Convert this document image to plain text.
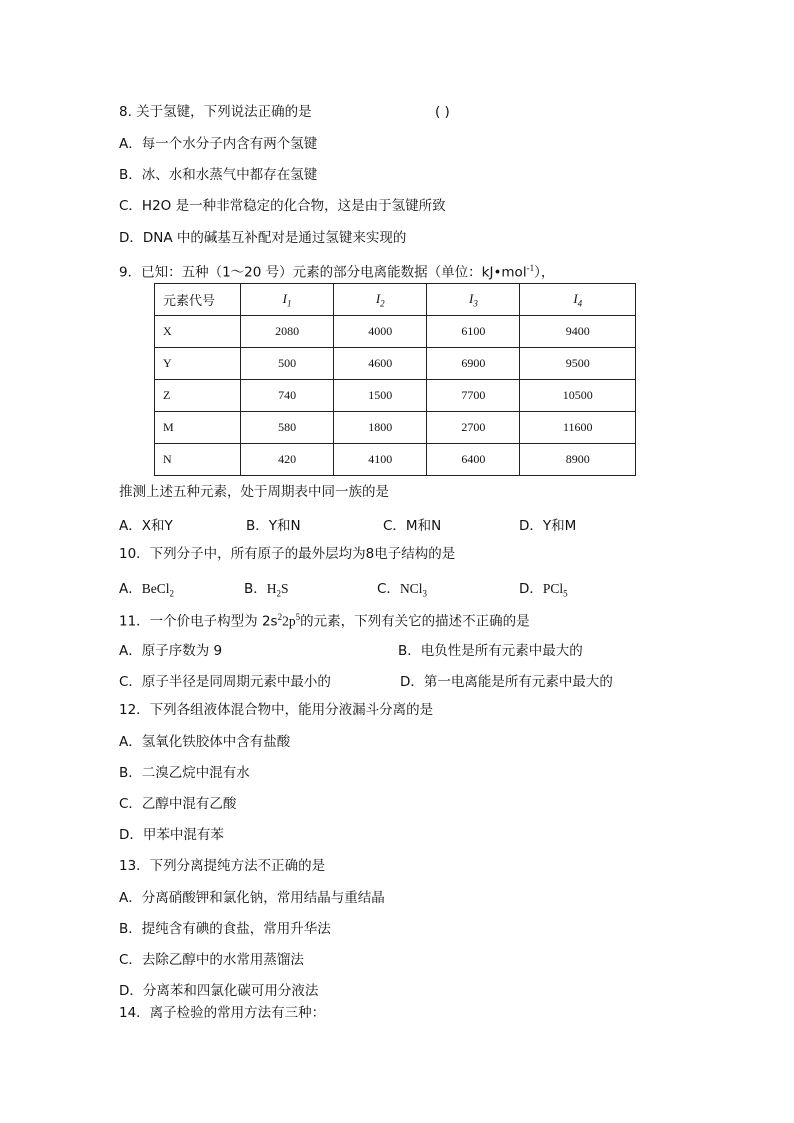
8. 关于氢键，下列说法正确的是	( )
A．每一个水分子内含有两个氢键
B．冰、水和水蒸气中都存在氢键
C．H2O 是一种非常稳定的化合物，这是由于氢键所致
D．DNA 中的碱基互补配对是通过氢键来实现的
9．已知：五种（1～20 号）元素的部分电离能数据（单位：kJ•mol$^{-1}$），
元素代号	$I_1$	$I_2$	$I_3$	$I_4$
X	2080	4000	6100	9400
Y	500	4600	6900	9500
Z	740	1500	7700	10500
M	580	1800	2700	11600
N	420	4100	6400	8900
推测上述五种元素，处于周期表中同一族的是
A．X和Y	B．Y和N	C．M和N	D．Y和M
10．下列分子中，所有原子的最外层均为8电子结构的是
A．BeCl$_2$	B．$H_2S$	C．NCl$_3$	D．PCl$_5$
11．一个价电子构型为 $2s^22p^5$的元素，下列有关它的描述不正确的是
A．原子序数为 9	B．电负性是所有元素中最大的
C．原子半径是同周期元素中最小的	D．第一电离能是所有元素中最大的
12．下列各组液体混合物中，能用分液漏斗分离的是
A．氢氧化铁胶体中含有盐酸
B．二溴乙烷中混有水
C．乙醇中混有乙酸
D．甲苯中混有苯
13．下列分离提纯方法不正确的是
A．分离硝酸钾和氯化钠，常用结晶与重结晶
B．提纯含有碘的食盐，常用升华法
C．去除乙醇中的水常用蒸馏法
D．分离苯和四氯化碳可用分液法
14．离子检验的常用方法有三种：
